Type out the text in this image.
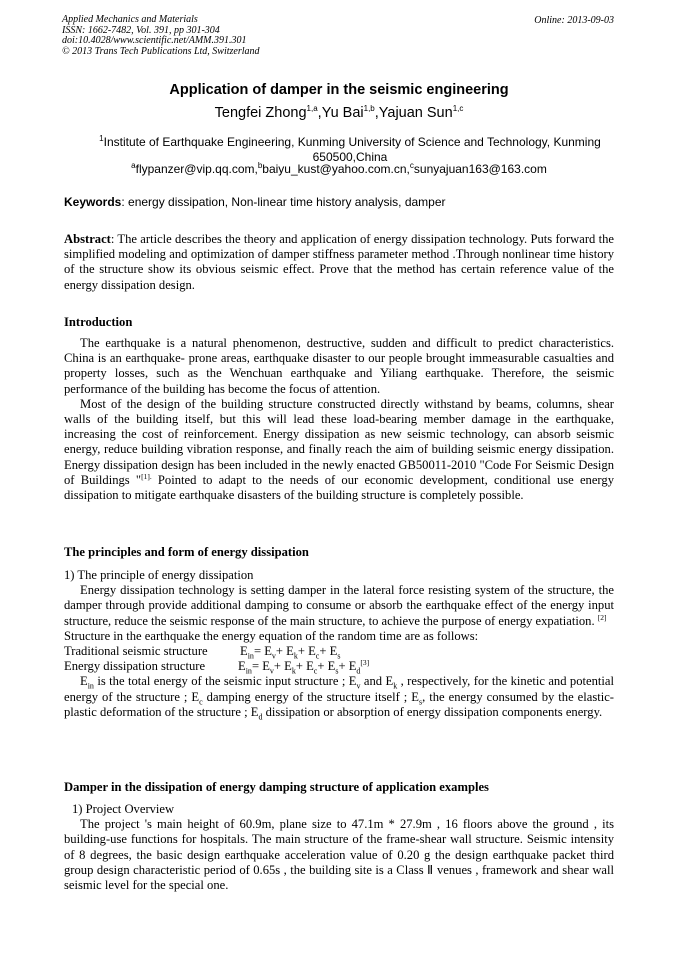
Applied Mechanics and Materials
ISSN: 1662-7482, Vol. 391, pp 301-304
doi:10.4028/www.scientific.net/AMM.391.301
© 2013 Trans Tech Publications Ltd, Switzerland
Online: 2013-09-03
Application of damper in the seismic engineering
Tengfei Zhong$^{1,a}$,Yu Bai$^{1,b}$,Yajuan Sun$^{1,c}$
$^1$Institute of Earthquake Engineering, Kunming University of Science and Technology, Kunming 650500,China
$^a$flypanzer@vip.qq.com,$^b$baiyu_kust@yahoo.com.cn,$^c$sunyajuan163@163.com
Keywords: energy dissipation, Non-linear time history analysis, damper
Abstract: The article describes the theory and application of energy dissipation technology. Puts forward the simplified modeling and optimization of damper stiffness parameter method .Through nonlinear time history of the structure show its obvious seismic effect. Prove that the method has certain reference value of the energy dissipation design.
Introduction

The earthquake is a natural phenomenon, destructive, sudden and difficult to predict characteristics. China is an earthquake- prone areas, earthquake disaster to our people brought immeasurable casualties and property losses, such as the Wenchuan earthquake and Yiliang earthquake. Therefore, the seismic performance of the building has become the focus of attention.

Most of the design of the building structure constructed directly withstand by beams, columns, shear walls of the building itself, but this will lead these load-bearing member damage in the earthquake, increasing the cost of reinforcement. Energy dissipation as new seismic technology, can absorb seismic energy, reduce building vibration response, and finally reach the aim of building seismic energy dissipation. Energy dissipation design has been included in the newly enacted GB50011-2010 "Code For Seismic Design of Buildings "$^{[1].}$ Pointed to adapt to the needs of our economic development, conditional use energy dissipation to mitigate earthquake disasters of the building structure is completely possible.

The principles and form of energy dissipation

1) The principle of energy dissipation

Energy dissipation technology is setting damper in the lateral force resisting system of the structure, the damper through provide additional damping to consume or absorb the earthquake effect of the energy input structure, reduce the seismic response of the main structure, to achieve the purpose of energy expatiation. [2]

Structure in the earthquake the energy equation of the random time are as follows:

Traditional seismic structure	$E_{in}= E_v+ E_k+ E_c+ E_s$
Energy dissipation structure	$E_{in}= E_v+ E_k+ E_c+ E_s+ E_d[3]$

$E_{in}$ is the total energy of the seismic input structure ; $E_v$ and $E_k$ , respectively, for the kinetic and potential energy of the structure ; $E_c$ damping energy of the structure itself ; $E_s$, the energy consumed by the elastic-plastic deformation of the structure ; $E_d$ dissipation or absorption of energy dissipation components energy.

Damper in the dissipation of energy damping structure of application examples

1) Project Overview

The project 's main height of 60.9m, plane size to 47.1m * 27.9m , 16 floors above the ground , its building-use functions for hospitals. The main structure of the frame-shear wall structure. Seismic intensity of 8 degrees, the basic design earthquake acceleration value of 0.20 g the design earthquake packet third group design characteristic period of 0.65s , the building site is a Class Ⅱ venues , framework and shear wall seismic level for the special one.
